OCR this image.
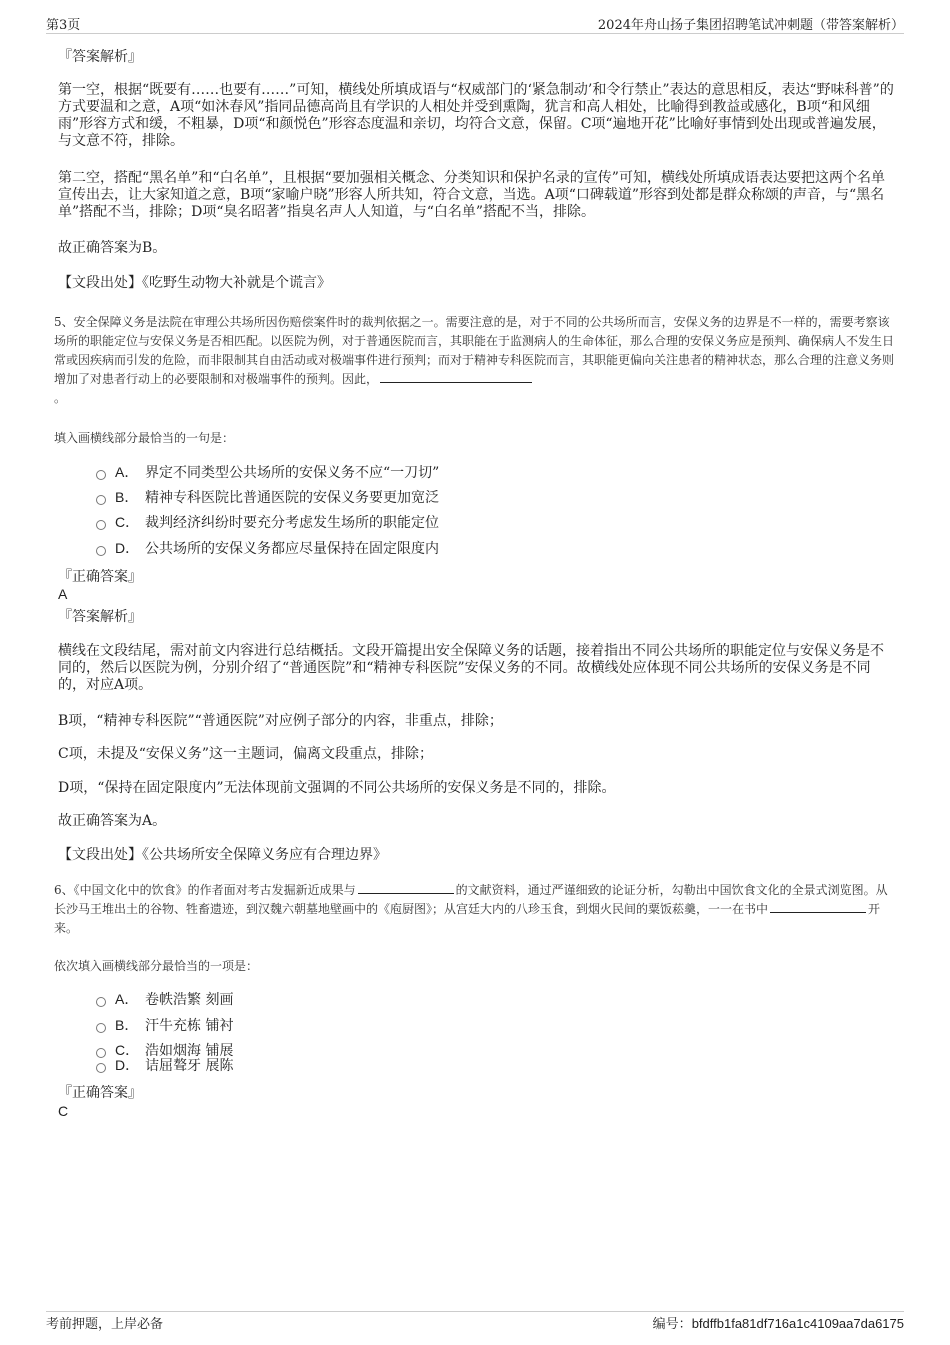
第3页	2024年舟山扬子集团招聘笔试冲刺题（带答案解析）
『答案解析』
第一空，根据“既要有……也要有……”可知，横线处所填成语与“权威部门的‘紧急制动’和令行禁止”表达的意思相反，表达“野味科普”的方式要温和之意，A项“如沐春风”指同品德高尚且有学识的人相处并受到熏陶，犹言和高人相处，比喻得到教益或感化，B项“和风细雨”形容方式和缓，不粗暴，D项“和颜悦色”形容态度温和亲切，均符合文意，保留。C项“遍地开花”比喻好事情到处出现或普遍发展，与文意不符，排除。
第二空，搭配“黑名单”和“白名单”，且根据“要加强相关概念、分类知识和保护名录的宣传”可知，横线处所填成语表达要把这两个名单宣传出去，让大家知道之意，B项“家喻户晓”形容人所共知，符合文意，当选。A项“口碑载道”形容到处都是群众称颂的声音，与“黑名单”搭配不当，排除；D项“臭名昭著”指臭名声人人知道，与“白名单”搭配不当，排除。
故正确答案为B。
【文段出处】《吃野生动物大补就是个谎言》
5、安全保障义务是法院在审理公共场所因伤赔偿案件时的裁判依据之一。需要注意的是，对于不同的公共场所而言，安保义务的边界是不一样的，需要考察该场所的职能定位与安保义务是否相匹配。以医院为例，对于普通医院而言，其职能在于监测病人的生命体征，那么合理的安保义务应是预判、确保病人不发生日常或因疾病而引发的危险，而非限制其自由活动或对极端事件进行预判；而对于精神专科医院而言，其职能更偏向关注患者的精神状态，那么合理的注意义务则增加了对患者行动上的必要限制和对极端事件的预判。因此，
。
填入画横线部分最恰当的一句是：
A． 界定不同类型公共场所的安保义务不应“一刀切”
B． 精神专科医院比普通医院的安保义务要更加宽泛
C． 裁判经济纠纷时要充分考虑发生场所的职能定位
D． 公共场所的安保义务都应尽量保持在固定限度内
『正确答案』
A
『答案解析』
横线在文段结尾，需对前文内容进行总结概括。文段开篇提出安全保障义务的话题，接着指出不同公共场所的职能定位与安保义务是不同的，然后以医院为例，分别介绍了“普通医院”和“精神专科医院”安保义务的不同。故横线处应体现不同公共场所的安保义务是不同的，对应A项。
B项，“精神专科医院”“普通医院”对应例子部分的内容，非重点，排除；
C项，未提及“安保义务”这一主题词，偏离文段重点，排除；
D项，“保持在固定限度内”无法体现前文强调的不同公共场所的安保义务是不同的，排除。
故正确答案为A。
【文段出处】《公共场所安全保障义务应有合理边界》
6、《中国文化中的饮食》的作者面对考古发掘新近成果与	的文献资料，通过严谨细致的论证分析，勾勒出中国饮食文化的全景式浏览图。从长沙马王堆出土的谷物、牲畜遗迹，到汉魏六朝墓地壁画中的《庖厨图》；从宫廷大内的八珍玉食，到烟火民间的粟饭菘羹，一一在书中	开来。
依次填入画横线部分最恰当的一项是：
A． 卷帙浩繁 刻画
B． 汗牛充栋 铺衬
C． 浩如烟海 铺展
D． 诘屈聱牙 展陈
『正确答案』
C
考前押题，上岸必备	编号：bfdffb1fa81df716a1c4109aa7da6175
